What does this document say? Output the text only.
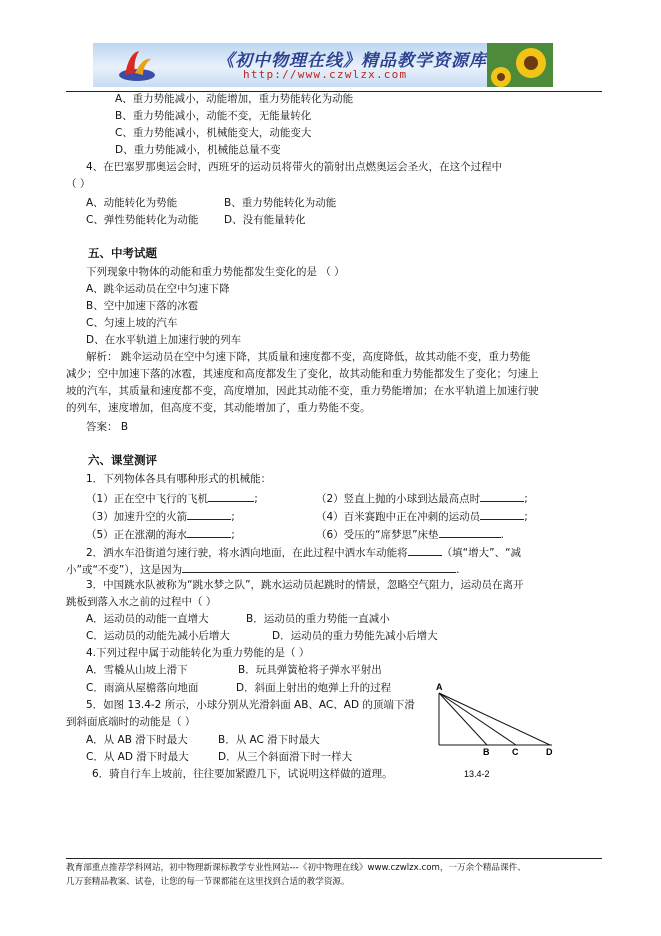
《初中物理在线》精品教学资源库
http://www.czwlzx.com
A、重力势能减小，动能增加，重力势能转化为动能
B、重力势能减小，动能不变，无能量转化
C、重力势能减小，机械能变大，动能变大
D、重力势能减小，机械能总量不变
4、在巴塞罗那奥运会时，西班牙的运动员将带火的箭射出点燃奥运会圣火，在这个过程中
（ ）
A、动能转化为势能	B、重力势能转化为动能
C、弹性势能转化为动能 D、没有能量转化
五、中考试题
下列现象中物体的动能和重力势能都发生变化的是 （ ）
A、跳伞运动员在空中匀速下降
B、空中加速下落的冰雹
C、匀速上坡的汽车
D、在水平轨道上加速行驶的列车
解析： 跳伞运动员在空中匀速下降，其质量和速度都不变，高度降低，故其动能不变，重力势能
减少；空中加速下落的冰雹，其速度和高度都发生了变化，故其动能和重力势能都发生了变化；匀速上
坡的汽车，其质量和速度都不变，高度增加，因此其动能不变，重力势能增加；在水平轨道上加速行驶
的列车，速度增加，但高度不变，其动能增加了，重力势能不变。
答案： B
六、课堂测评
1．下列物体各具有哪种形式的机械能：
（1）正在空中飞行的飞机	;	（2）竖直上抛的小球到达最高点时	;
（3）加速升空的火箭	;	（4）百米赛跑中正在冲刺的运动员	;
（5）正在涨潮的海水	;	（6）受压的“席梦思”床垫	.
2．洒水车沿街道匀速行驶，将水洒向地面，在此过程中洒水车动能将	（填“增大”、“减
小”或“不变”），这是因为	.
3．中国跳水队被称为“跳水梦之队”，跳水运动员起跳时的情景，忽略空气阻力，运动员在离开
跳板到落入水之前的过程中（ ）
A．运动员的动能一直增大	B．运动员的重力势能一直减小
C．运动员的动能先减小后增大	D．运动员的重力势能先减小后增大
4.下列过程中属于动能转化为重力势能的是（ ）
A．雪橇从山坡上滑下	B．玩具弹簧枪将子弹水平射出
C．雨滴从屋檐落向地面	D．斜面上射出的炮弹上升的过程
5．如图 13.4-2 所示，小球分别从光滑斜面 AB、AC、AD 的顶端下滑
到斜面底端时的动能是（ ）
A．从 AB 滑下时最大	B．从 AC 滑下时最大
C．从 AD 滑下时最大	D．从三个斜面滑下时一样大
6．骑自行车上坡前，往往要加紧蹬几下，试说明这样做的道理。
A
B	C	D
13.4-2
教育部重点推荐学科网站，初中物理新课标教学专业性网站---《初中物理在线》www.czwlzx.com，一万余个精品课件、
几万套精品教案、试卷，让您的每一节课都能在这里找到合适的教学资源。
